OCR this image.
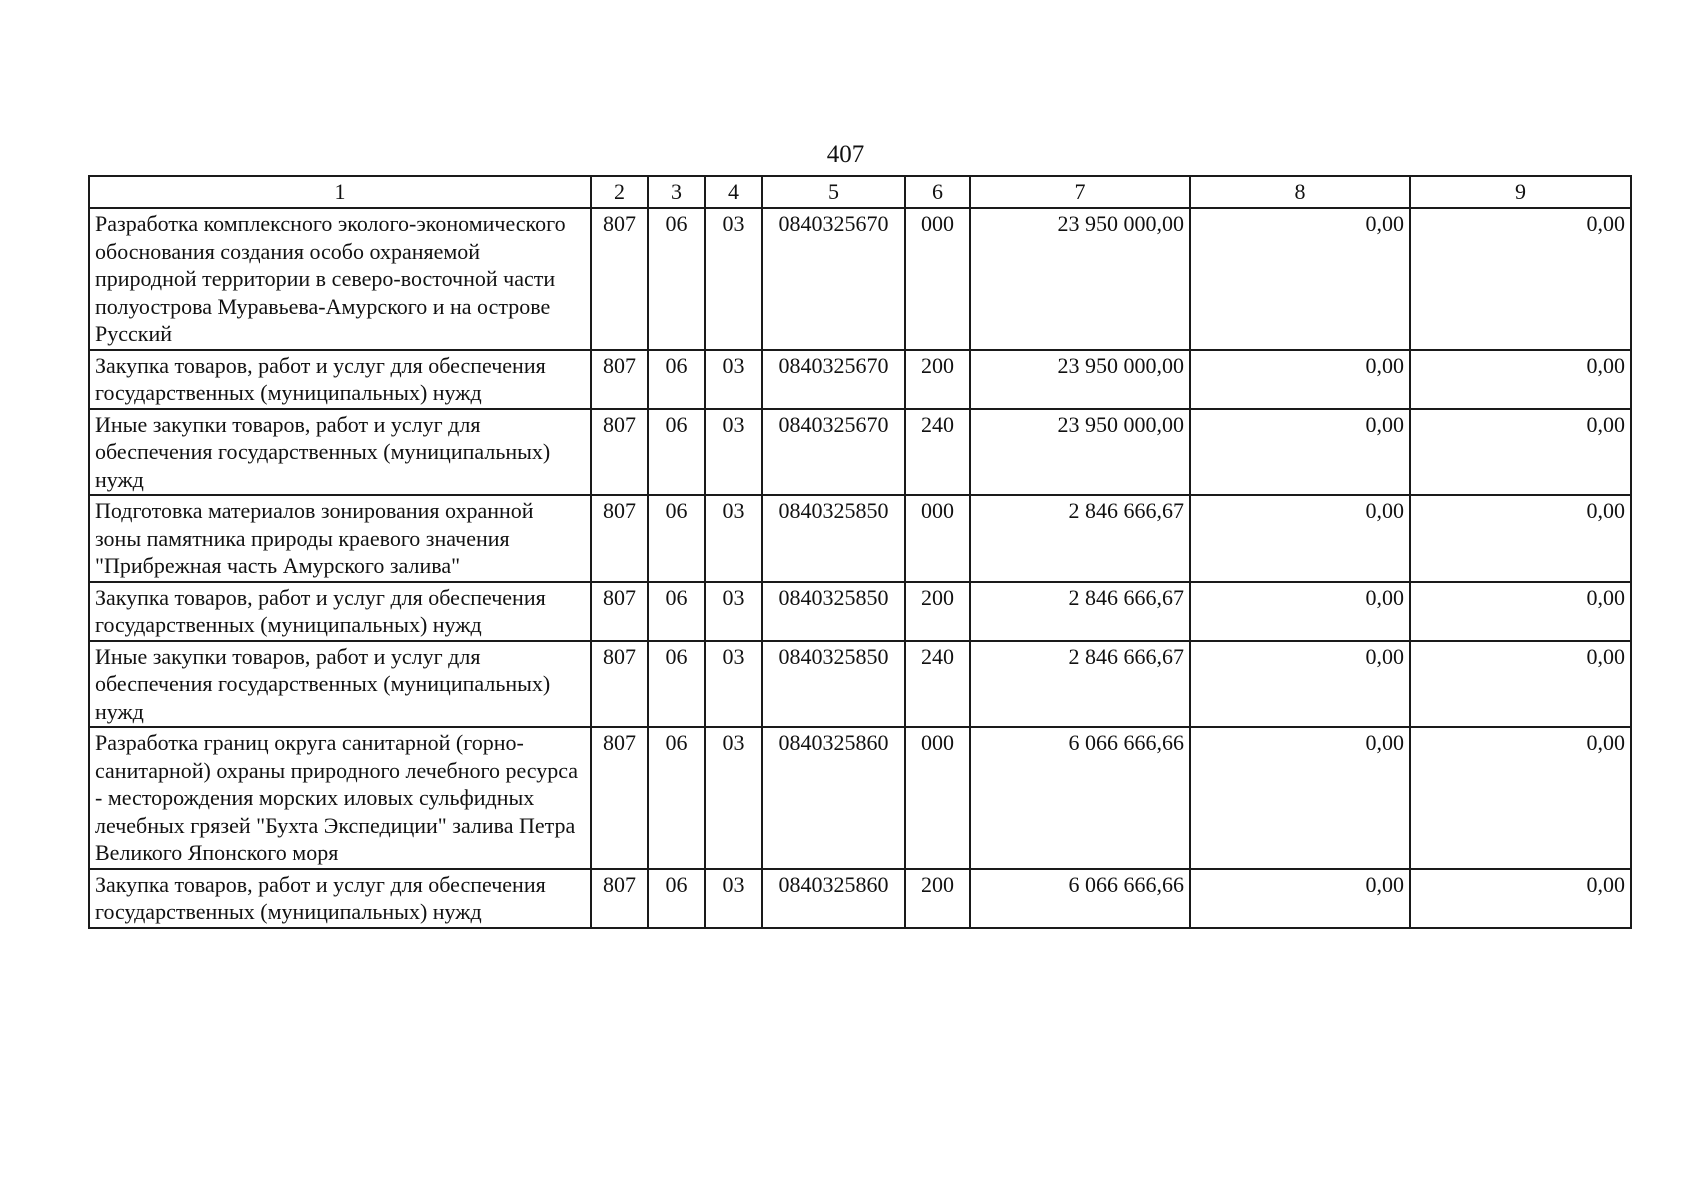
407
1	2	3	4	5	6	7	8	9
Разработка комплексного эколого-экономического обоснования создания особо охраняемой природной территории в северо-восточной части полуострова Муравьева-Амурского и на острове Русский	807	06	03	0840325670	000	23 950 000,00	0,00	0,00
Закупка товаров, работ и услуг для обеспечения государственных (муниципальных) нужд	807	06	03	0840325670	200	23 950 000,00	0,00	0,00
Иные закупки товаров, работ и услуг для обеспечения государственных (муниципальных) нужд	807	06	03	0840325670	240	23 950 000,00	0,00	0,00
Подготовка материалов зонирования охранной зоны памятника природы краевого значения "Прибрежная часть Амурского залива"	807	06	03	0840325850	000	2 846 666,67	0,00	0,00
Закупка товаров, работ и услуг для обеспечения государственных (муниципальных) нужд	807	06	03	0840325850	200	2 846 666,67	0,00	0,00
Иные закупки товаров, работ и услуг для обеспечения государственных (муниципальных) нужд	807	06	03	0840325850	240	2 846 666,67	0,00	0,00
Разработка границ округа санитарной (горно-санитарной) охраны природного лечебного ресурса - месторождения морских иловых сульфидных лечебных грязей "Бухта Экспедиции" залива Петра Великого Японского моря	807	06	03	0840325860	000	6 066 666,66	0,00	0,00
Закупка товаров, работ и услуг для обеспечения государственных (муниципальных) нужд	807	06	03	0840325860	200	6 066 666,66	0,00	0,00
